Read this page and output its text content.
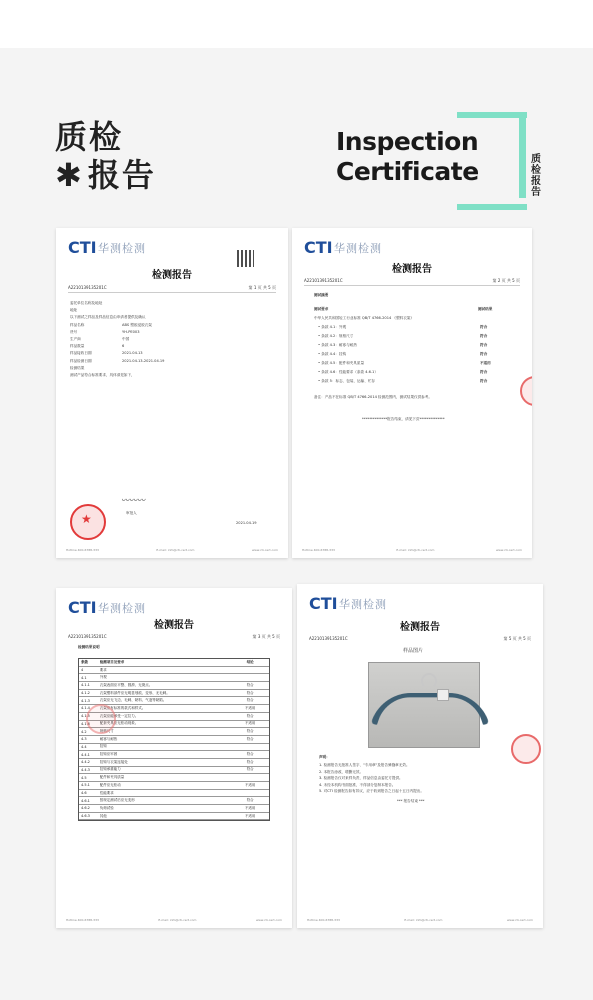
质检
✱ 报告
Inspection
Certificate	质检报告
CTI 华测检测
检测报告
A2210139135201C	第 1 页 共 5 页
委托单位名称及地址
地址
以下测试之样品及样品信息由申请者提供及确认
样品名称	ABS 塑胶浸胶衣架
货号	YH-PE003
生产商	中国
样品数量	6
样品接收日期	2021.04.13
样品检测日期	2021.04.13-2021.04.19
检测结果
测试产品符合标准要求，具体请见如下，
〰〰〰
审批人
2021.04.19
★
Hotline 400-6788-333	E-mail: info@cti-cert.com	www.cti-cert.com
CTI 华测检测
检测报告
A2210139135201C	第 2 页 共 5 页
测试摘要
测试要求	测试结果
中华人民共和国轻工行业标准 QB/T 4766-2014 《塑料衣架》
• 条款 4.1：外观	符合
• 条款 4.2：规格尺寸	符合
• 条款 4.3：耐寒与耐热	符合
• 条款 4.4：挂钩	符合
• 条款 4.5：配件和夹具质量	不适用
• 条款 4.6：性能要求（条款 4.6.1）	符合
• 条款 5：标志、包装、运输、贮存	符合
备注：产品不在标准 QB/T 4766-2014 检测范围内，测试结果仅供参考。
**************报告结束，请见下页**************
Hotline 400-6788-333	E-mail: info@cti-cert.com	www.cti-cert.com
CTI 华测检测
检测报告
A2210139135201C	第 3 页 共 5 页
检测结果说明
条款	检测项目及要求	结论
4	要求
4.1	外观
4.1.1	衣架表面应平整、圆滑、无斑点。	符合
4.1.2	衣架塑料部件应无明显划痕、变形、无毛刺。	符合
4.1.3	衣架应无飞边、毛刺、缺料、气泡等缺陷。	符合
4.1.4	衣架应有标准的款式和样式。	不适用
4.1.5	衣架应能承受一定拉力。	符合
4.1.6	配套夹具应无松动现象。	不适用
4.2	规格尺寸	符合
4.3	耐寒与耐热	符合
4.4	挂钩
4.4.1	挂钩应牢固	符合
4.4.2	挂钩与衣架连接处	符合
4.4.3	挂钩承重能力	符合
4.5	配件和夹具质量
4.5.1	配件应无松动	不适用
4.6	性能要求
4.6.1	按规定测试后应无变形	符合
4.6.2	负荷试验	不适用
4.6.3	其他	不适用
Hotline 400-6788-333	E-mail: info@cti-cert.com	www.cti-cert.com
CTI 华测检测
检测报告
A2210139135201C	第 5 页 共 5 页
样品图片
声明：
1. 检测报告无批准人签字、"专用章"及报告骑缝章无效。
2. 本报告涂改、增删无效。
3. 检测报告仅对来样负责，样品信息由委托方提供。
4. 未经本机构书面批准，不得部分复制本报告。
5. 对CTI 检测报告如有异议，应于收到报告之日起十五日内提出。
*** 报告结束 ***
Hotline 400-6788-333	E-mail: info@cti-cert.com	www.cti-cert.com
